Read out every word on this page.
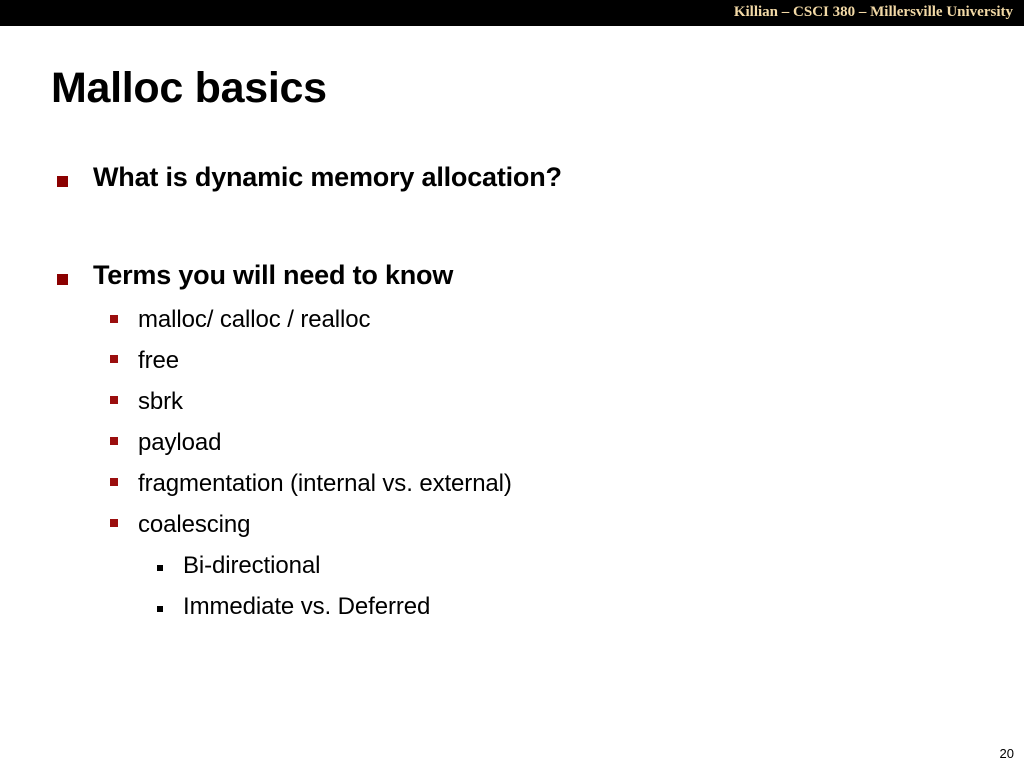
Killian – CSCI 380 – Millersville University
Malloc basics
What is dynamic memory allocation?
Terms you will need to know
malloc/ calloc / realloc
free
sbrk
payload
fragmentation (internal vs. external)
coalescing
Bi-directional
Immediate vs. Deferred
20
